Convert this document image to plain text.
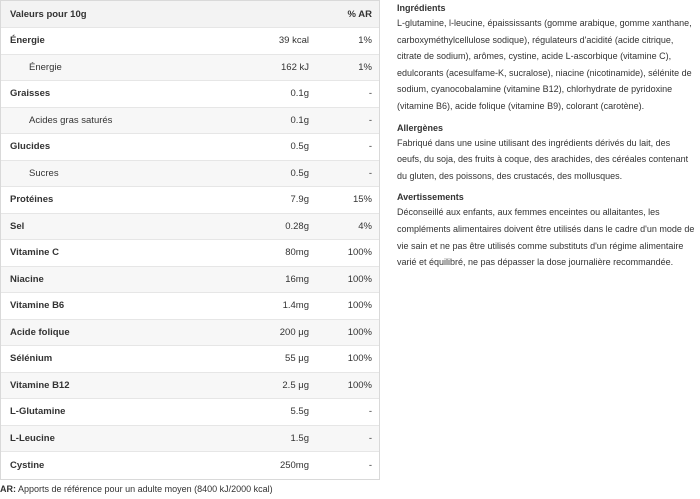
Valeurs pour 10g	% AR
Énergie	39 kcal	1%
Énergie	162 kJ	1%
Graisses	0.1g	-
Acides gras saturés	0.1g	-
Glucides	0.5g	-
Sucres	0.5g	-
Protéines	7.9g	15%
Sel	0.28g	4%
Vitamine C	80mg	100%
Niacine	16mg	100%
Vitamine B6	1.4mg	100%
Acide folique	200 μg	100%
Sélénium	55 μg	100%
Vitamine B12	2.5 μg	100%
L-Glutamine	5.5g	-
L-Leucine	1.5g	-
Cystine	250mg	-
AR: Apports de référence pour un adulte moyen (8400 kJ/2000 kcal)
Ingrédients

L-glutamine, l-leucine, épaississants (gomme arabique, gomme xanthane, carboxyméthylcellulose sodique), régulateurs d'acidité (acide citrique, citrate de sodium), arômes, cystine, acide L-ascorbique (vitamine C), edulcorants (acesulfame-K, sucralose), niacine (nicotinamide), sélénite de sodium, cyanocobalamine (vitamine B12), chlorhydrate de pyridoxine (vitamine B6), acide folique (vitamine B9), colorant (carotène).

Allergènes

Fabriqué dans une usine utilisant des ingrédients dérivés du lait, des oeufs, du soja, des fruits à coque, des arachides, des céréales contenant du gluten, des poissons, des crustacés, des mollusques.

Avertissements

Déconseillé aux enfants, aux femmes enceintes ou allaitantes, les compléments alimentaires doivent être utilisés dans le cadre d'un mode de vie sain et ne pas être utilisés comme substituts d'un régime alimentaire varié et équilibré, ne pas dépasser la dose journalière recommandée.
